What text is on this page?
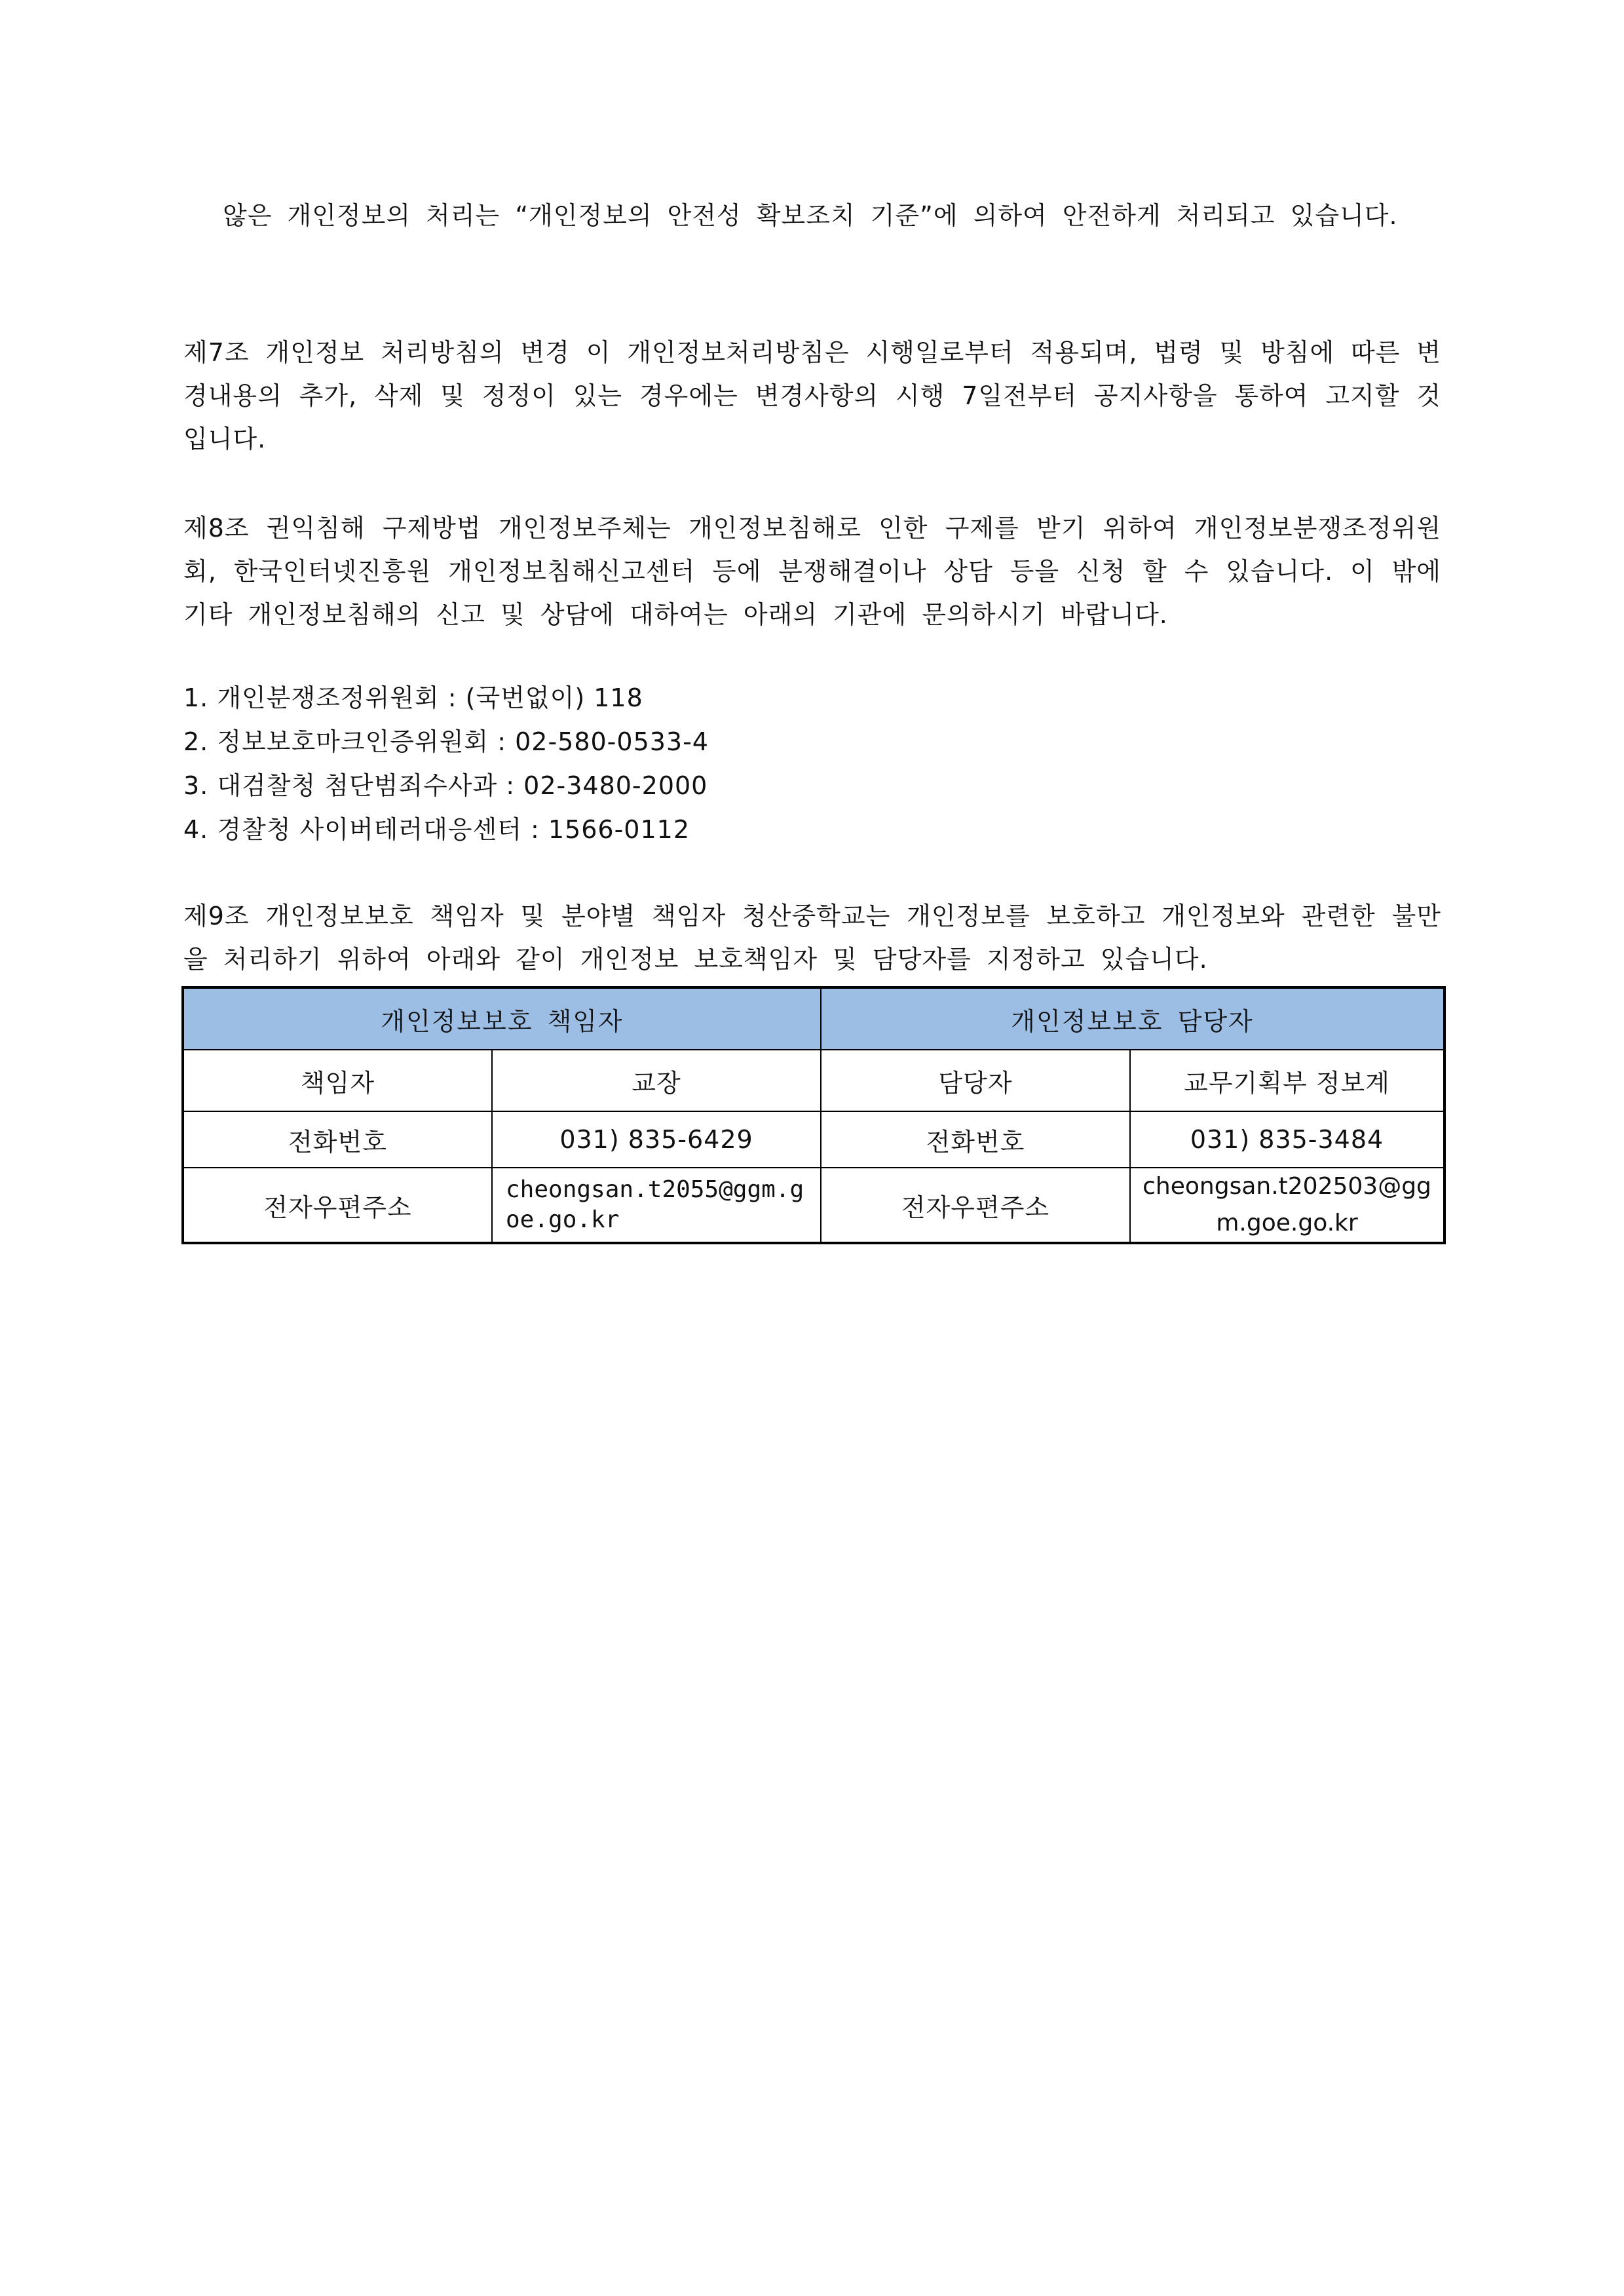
않은 개인정보의 처리는 “개인정보의 안전성 확보조치 기준”에 의하여 안전하게 처리되고 있습니다.

제7조 개인정보 처리방침의 변경 이 개인정보처리방침은 시행일로부터 적용되며, 법령 및 방침에 따른 변경내용의 추가, 삭제 및 정정이 있는 경우에는 변경사항의 시행 7일전부터 공지사항을 통하여 고지할 것입니다.

제8조 권익침해 구제방법 개인정보주체는 개인정보침해로 인한 구제를 받기 위하여 개인정보분쟁조정위원회, 한국인터넷진흥원 개인정보침해신고센터 등에 분쟁해결이나 상담 등을 신청 할 수 있습니다. 이 밖에 기타 개인정보침해의 신고 및 상담에 대하여는 아래의 기관에 문의하시기 바랍니다.

1. 개인분쟁조정위원회 : (국번없이) 118
2. 정보보호마크인증위원회 : 02-580-0533-4
3. 대검찰청 첨단범죄수사과 : 02-3480-2000
4. 경찰청 사이버테러대응센터 : 1566-0112

제9조 개인정보보호 책임자 및 분야별 책임자 청산중학교는 개인정보를 보호하고 개인정보와 관련한 불만을 처리하기 위하여 아래와 같이 개인정보 보호책임자 및 담당자를 지정하고 있습니다.

개인정보보호 책임자		개인정보보호 담당자	
책임자	교장	담당자	교무기획부 정보계
전화번호	031) 835-6429	전화번호	031) 835-3484
전자우편주소	cheongsan.t2055@ggm.goe.go.kr	전자우편주소	cheongsan.t202503@ggm.goe.go.kr
